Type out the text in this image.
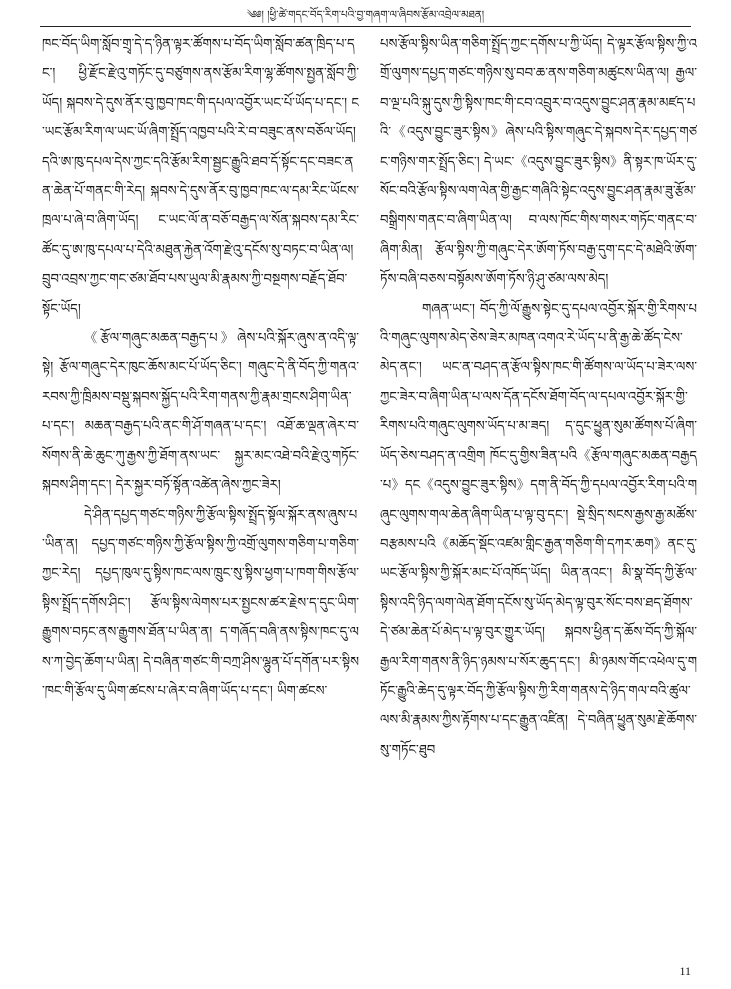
༄༅། །ཕྱི་ཚེ་གདང་བོད་རིག་པའི་བྱ་གཞག་ལ་ཞིབས་རྩོམ་འབྲེལ་མཐན།

ཁང་བོད་ཡིག་སློབ་གྲྭ་དེ་ད་ཉིན་ལྟར་ཚོགས་པ་བོད་ཡིག་སློབ་ཚན་ཁྲིད་པ་དང་། ཕྱི་རྫོང་རྫེའུ་གཏོང་དུ་བཙུགས་ནས་རྩོམ་རིག་ལྷ་ཚོགས་སྤྱན་སློབ་ཀྱི་ཡོད། སྐབས་དེ་དུས་ནོར་བུ་ཁྱབ་ཁང་གི་དཔལ་འབྱོར་ཡང་པོ་ཡོད་པ་དང་། ང་ཡང་རྩོམ་རིག་ལ་ཡང་ཡོ་ཞིག་སྤྲོད་འཁྱབ་པའི་རེ་བ་བཟུང་ནས་བཅོལ་ཡོད། དའི་ཨ་ཁུ་དཔལ་དེས་ཀྱང་དའི་རྩོམ་རིག་སྦྱང་རྒྱུའི་ཐབ་དོ་སྟོང་དང་བཟང་ནན་ཆེན་པོ་གནང་གི་རེད། སྐབས་དེ་དུས་ནོར་བུ་ཁྱབ་ཁང་ལ་དམ་རིང་ཡོངས་ཁྲལ་པ་ཞེ་བ་ཞིག་ཡོད། ང་ཡང་ལོ་ན་བཅོ་བརྒྱད་ལ་སོན་སྐབས་དམ་རིང་ཚོང་དུ་ཨ་ཁུ་དཔལ་པ་དེའི་མཐུན་རྐྱེན་འོག་རྫེའུ་དངོས་སུ་བཏང་བ་ཡིན་ལ། བྲུབ་འབྲས་ཀྱང་གང་ཙམ་ཐོབ་པས་ཡུལ་མི་རྣམས་ཀྱི་བསྔགས་བརྗོད་ཐོབ་སྟོང་ཡོད།

《རྩོལ་གཞུང་མཆན་བརྒྱད་པ》ཞེས་པའི་སྐོར་ཞུས་ན་འདི་ལྟ་སྟེ། རྩོལ་གཞུང་དེར་ཁུང་ཆོས་མང་པོ་ཡོད་ཅིང་། གཞུང་དེ་ནི་བོད་ཀྱི་གནའ་རབས་ཀྱི་ཁྲིམས་བསྡུ་སྐབས་སྐྱོད་པའི་རིག་གནས་ཀྱི་རྣམ་གྲངས་ཤིག་ཡིན་པ་དང་། མཆན་བརྒྱད་པའི་ནང་གི་ཤོ་གཞན་པ་དང་། འཐོ་ཆ་ལྡན་ཞེར་བ་སོགས་ནི་ཆེ་ཆུང་ཀུ་རྒྱས་ཀྱི་ཐོག་ནས་ཡང་ སྐྱར་མང་འཐེ་བའི་རྫེའུ་གཏོང་སྐབས་ཤིག་དང་། དེར་སྐྱར་བཏོ་སྟོན་འཚེན་ཞེས་ཀྱང་ཟེར།

དེ་ཤིན་དཔྱད་གཙང་གཉིས་ཀྱི་རྩོལ་སྟིས་སྤྲོད་སྟོལ་སྐོར་ནས་ཞུས་པ་ཡིན་ན། དཔྱད་གཙང་གཉིས་ཀྱི་རྩོལ་སྟིས་ཀྱི་འགྲོ་ལུགས་གཅིག་པ་གཅིག་ཀྱང་རེད། དཔྱད་ཁུལ་དུ་སྟིས་ཁང་ལས་ཁྲུང་སུ་སྟིས་ཕྱག་པ་ཁག་གིས་རྩོལ་སྟིས་སྤྲོད་དགོས་ཤིང་། རྩོལ་སྟིས་ལེགས་པར་སྤྱངས་ཚར་རྗེས་ད་དུང་ཡིག་རྒྱུགས་བཏང་ནས་རྒྱུགས་ཐོན་པ་ཡིན་ན། ད་གཞོད་བཞི་ནས་སྟིས་ཁང་དུ་ལས་ཀ་བྱེད་ཆོག་པ་ཡིན། དེ་བཞིན་གཙང་གི་བཀྲ་ཤིས་ལྷུན་པོ་དགོན་པར་སྟིས་ཁང་གི་རྩོལ་དུ་ཡིག་ཚངས་པ་ཞེར་བ་ཞིག་ཡོད་པ་དང་། ཡིག་ཚངས་

པས་རྩོལ་སྟིས་ཡིན་གཅིག་སྤྲོད་ཀྱང་དགོས་པ་ཀྱི་ཡོད། དེ་ལྟར་རྩོལ་སྟིས་ཀྱི་འགྲོ་ལུགས་དཔྱད་གཙང་གཉིས་སུ་བབ་ཆ་ནས་གཅིག་མཚུངས་ཡིན་ལ། རྒྱལ་བ་ལྔ་པའི་སྐུ་དུས་ཀྱི་སྟིས་ཁང་གི་ངབ་འབྲུར་བ་འདུས་བྱུང་ཤན་རྣམ་མཛད་པའི་《འདུས་བྱུང་ཟུར་སྟིས》ཞེས་པའི་སྟིས་གཞུང་དེ་སྐབས་དེར་དཔྱད་གཙང་གཉིས་གར་སྤྲོད་ཅིང་། དེ་ཡང་《འདུས་བྱུང་ཟུར་སྟིས》ནི་སྟར་ཁ་ཡོར་དུ་སོང་བའི་རྩོལ་སྟིས་ལག་ལེན་གྱི་རྒྱང་གཞིའི་སྟེང་འདུས་བྱུང་ཤན་རྣམ་ཟུ་རྩོམ་བསྒྲིགས་གནང་བ་ཞིག་ཡིན་ལ། བ་ལས་ཁོང་གིས་གསར་གཏོང་གནང་བ་ཞིག་མིན། རྩོལ་སྟིས་ཀྱི་གཞུང་དེར་ཨོག་ཏོས་བརྒྱ་དུག་དང་དེ་མཐེའི་ཨོག་ཏོས་བཞི་བཅས་བསྟོམས་ཨོག་ཏོས་ཉི་ཤུ་ཙམ་ལས་མེད།

གཞན་ཡང་། བོད་ཀྱི་ལོ་རྒྱུས་སྟེང་དུ་དཔལ་འབྱོར་སྐོར་གྱི་རིགས་པའི་གཞུང་ལུགས་མེད་ཅེས་ཟེར་མཁན་འགའ་རེ་ཡོད་པ་ནི་རྒྱ་ཆེ་ཚོད་ངེས་མེད་ནང་། ཡང་ན་བཤད་ན་རྩོལ་སྟིས་ཁང་གི་ཚོགས་ལ་ཡོད་པ་ཟེར་ལས་ཀྱང་ཟེར་བ་ཞིག་ཡིན་པ་ལས་དོན་དངོས་ཐོག་བོད་ལ་དཔལ་འབྱོར་སྐོར་གྱི་རིགས་པའི་གཞུང་ལུགས་ཡོད་པ་མ་ཟད། ད་དུང་ཕྱུན་སུམ་ཚོགས་པོ་ཞིག་ཡོད་ཅེས་བཤད་ན་འགྲིག ཁོང་དུ་གྱིས་ཟིན་པའི《རྩོལ་གཞུང་མཆན་བརྒྱད་པ》དང《འདུས་བྱུང་ཟུར་སྟིས》དག་ནི་བོད་ཀྱི་དཔལ་འབྱོར་རིག་པའི་གཞུང་ལུགས་གལ་ཆེན་ཞིག་ཡིན་པ་ལྟ་བུ་དང་། སྡེ་སྲིད་སངས་རྒྱས་རྒྱ་མཚོས་བརྩམས་པའི《མཆོད་སྡོང་འཛམ་གླིང་རྒྱན་གཅིག་གི་དཀར་ཆག》ནང་དུ་ཡང་རྩོལ་སྟིས་ཀྱི་སྐོར་མང་པོ་འཁོད་ཡོད། ཡིན་ནའང་། མི་སྣ་བོད་ཀྱི་རྩོལ་སྟིས་འདི་ཉིད་ལག་ལེན་ཐོག་དངོས་སུ་ཡོད་མེད་ལྟ་བུར་སོང་བས་ཐད་ཐོགས་དེ་ཙམ་ཆེན་པོ་མེད་པ་ལྟ་བུར་གྱུར་ཡོད། སྐབས་ཕྱིན་ད་ཆོས་བོད་ཀྱི་སྐོལ་རྒྱལ་རིག་གནས་ནི་ཉིད་ཉམས་པ་སོར་ཆུད་དང་། མི་ཉམས་གོང་འཕེལ་དུ་གཏོང་རྒྱུའི་ཆེད་དུ་ལྟར་བོད་ཀྱི་རྩོལ་སྟིས་ཀྱི་རིག་གནས་དེ་ཉིད་གལ་བའི་ཚུལ་ལས་མི་རྣམས་ཀྱིས་རྟོགས་པ་དང་རྒྱུན་འཛིན། དེ་བཞིན་ཕྱུན་སུམ་རྗེ་ཆོགས་སུ་གཏོང་ཐུབ

11
